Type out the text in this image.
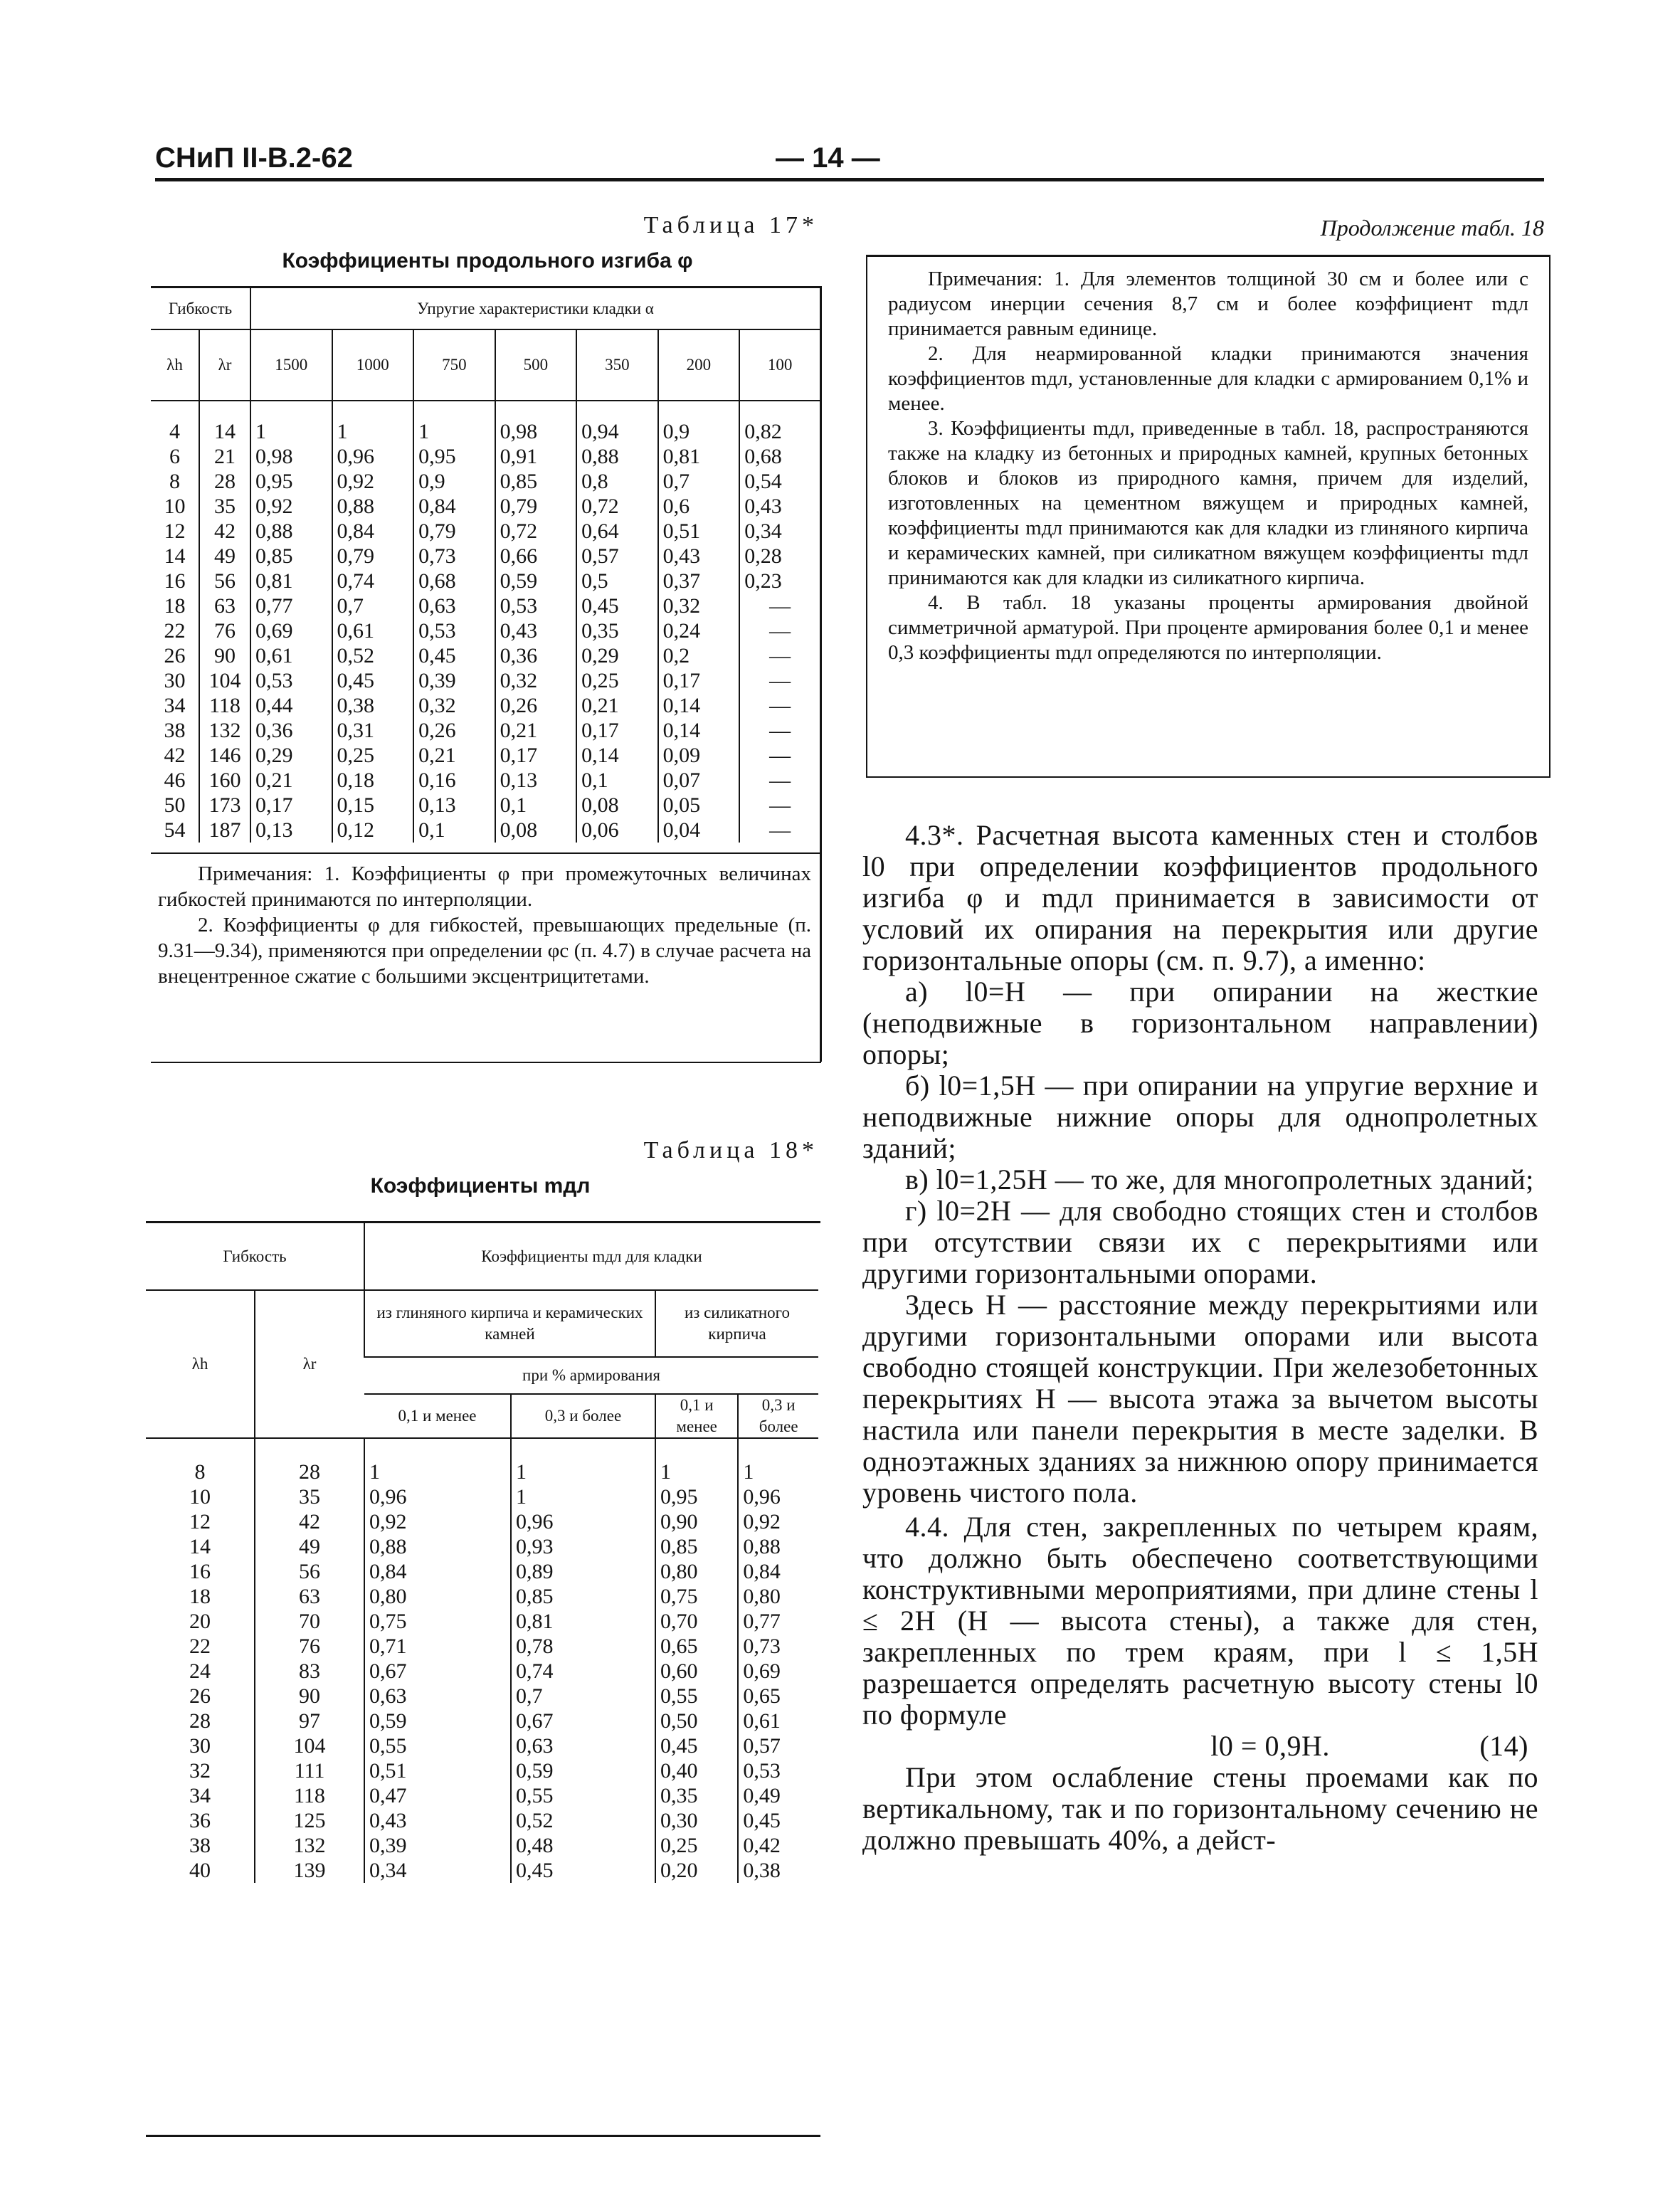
СНиП II-В.2-62	— 14 —
Таблица 17*
Коэффициенты продольного изгиба φ
Гибкость		Упругие характеристики кладки α						
λh	λr	1500	1000	750	500	350	200	100

4	14	1	1	1	0,98	0,94	0,9	0,82
6	21	0,98	0,96	0,95	0,91	0,88	0,81	0,68
8	28	0,95	0,92	0,9	0,85	0,8	0,7	0,54
10	35	0,92	0,88	0,84	0,79	0,72	0,6	0,43
12	42	0,88	0,84	0,79	0,72	0,64	0,51	0,34
14	49	0,85	0,79	0,73	0,66	0,57	0,43	0,28
16	56	0,81	0,74	0,68	0,59	0,5	0,37	0,23
18	63	0,77	0,7	0,63	0,53	0,45	0,32	—
22	76	0,69	0,61	0,53	0,43	0,35	0,24	—
26	90	0,61	0,52	0,45	0,36	0,29	0,2	—
30	104	0,53	0,45	0,39	0,32	0,25	0,17	—
34	118	0,44	0,38	0,32	0,26	0,21	0,14	—
38	132	0,36	0,31	0,26	0,21	0,17	0,14	—
42	146	0,29	0,25	0,21	0,17	0,14	0,09	—
46	160	0,21	0,18	0,16	0,13	0,1	0,07	—
50	173	0,17	0,15	0,13	0,1	0,08	0,05	—
54	187	0,13	0,12	0,1	0,08	0,06	0,04	—

Примечания: 1. Коэффициенты φ при промежуточных величинах гибкостей принимаются по интерполяции.

2. Коэффициенты φ для гибкостей, превышающих предельные (п. 9.31—9.34), применяются при определении φc (п. 4.7) в случае расчета на внецентренное сжатие с большими эксцентрицитетами.

Таблица 18*
Коэффициенты mдл
Гибкость		Коэффициенты mдл для кладки			
λh	λr	из глиняного кирпича и керамических камней		из силикатного кирпича	
		при % армирования			
		0,1 и менее	0,3 и более	0,1 и менее	0,3 и более

8	28	1	1	1	1
10	35	0,96	1	0,95	0,96
12	42	0,92	0,96	0,90	0,92
14	49	0,88	0,93	0,85	0,88
16	56	0,84	0,89	0,80	0,84
18	63	0,80	0,85	0,75	0,80
20	70	0,75	0,81	0,70	0,77
22	76	0,71	0,78	0,65	0,73
24	83	0,67	0,74	0,60	0,69
26	90	0,63	0,7	0,55	0,65
28	97	0,59	0,67	0,50	0,61
30	104	0,55	0,63	0,45	0,57
32	111	0,51	0,59	0,40	0,53
34	118	0,47	0,55	0,35	0,49
36	125	0,43	0,52	0,30	0,45
38	132	0,39	0,48	0,25	0,42
40	139	0,34	0,45	0,20	0,38
Продолжение табл. 18

Примечания: 1. Для элементов толщиной 30 см и более или с радиусом инерции сечения 8,7 см и более коэффициент mдл принимается равным единице.

2. Для неармированной кладки принимаются значения коэффициентов mдл, установленные для кладки с армированием 0,1% и менее.

3. Коэффициенты mдл, приведенные в табл. 18, распространяются также на кладку из бетонных и природных камней, крупных бетонных блоков и блоков из природного камня, причем для изделий, изготовленных на цементном вяжущем и природных камней, коэффициенты mдл принимаются как для кладки из глиняного кирпича и керамических камней, при силикатном вяжущем коэффициенты mдл принимаются как для кладки из силикатного кирпича.

4. В табл. 18 указаны проценты армирования двойной симметричной арматурой. При проценте армирования более 0,1 и менее 0,3 коэффициенты mдл определяются по интерполяции.

4.3*. Расчетная высота каменных стен и столбов l0 при определении коэффициентов продольного изгиба φ и mдл принимается в зависимости от условий их опирания на перекрытия или другие горизонтальные опоры (см. п. 9.7), а именно:

а) l0=H — при опирании на жесткие (неподвижные в горизонтальном направлении) опоры;

б) l0=1,5H — при опирании на упругие верхние и неподвижные нижние опоры для однопролетных зданий;

в) l0=1,25H — то же, для многопролетных зданий;

г) l0=2H — для свободно стоящих стен и столбов при отсутствии связи их с перекрытиями или другими горизонтальными опорами.

Здесь H — расстояние между перекрытиями или другими горизонтальными опорами или высота свободно стоящей конструкции. При железобетонных перекрытиях H — высота этажа за вычетом высоты настила или панели перекрытия в месте заделки. В одноэтажных зданиях за нижнюю опору принимается уровень чистого пола.

4.4. Для стен, закрепленных по четырем краям, что должно быть обеспечено соответствующими конструктивными мероприятиями, при длине стены l ≤ 2H (H — высота стены), а также для стен, закрепленных по трем краям, при l ≤ 1,5H разрешается определять расчетную высоту стены l0 по формуле

l0 = 0,9H.	(14)

При этом ослабление стены проемами как по вертикальному, так и по горизонтальному сечению не должно превышать 40%, а дейст-
